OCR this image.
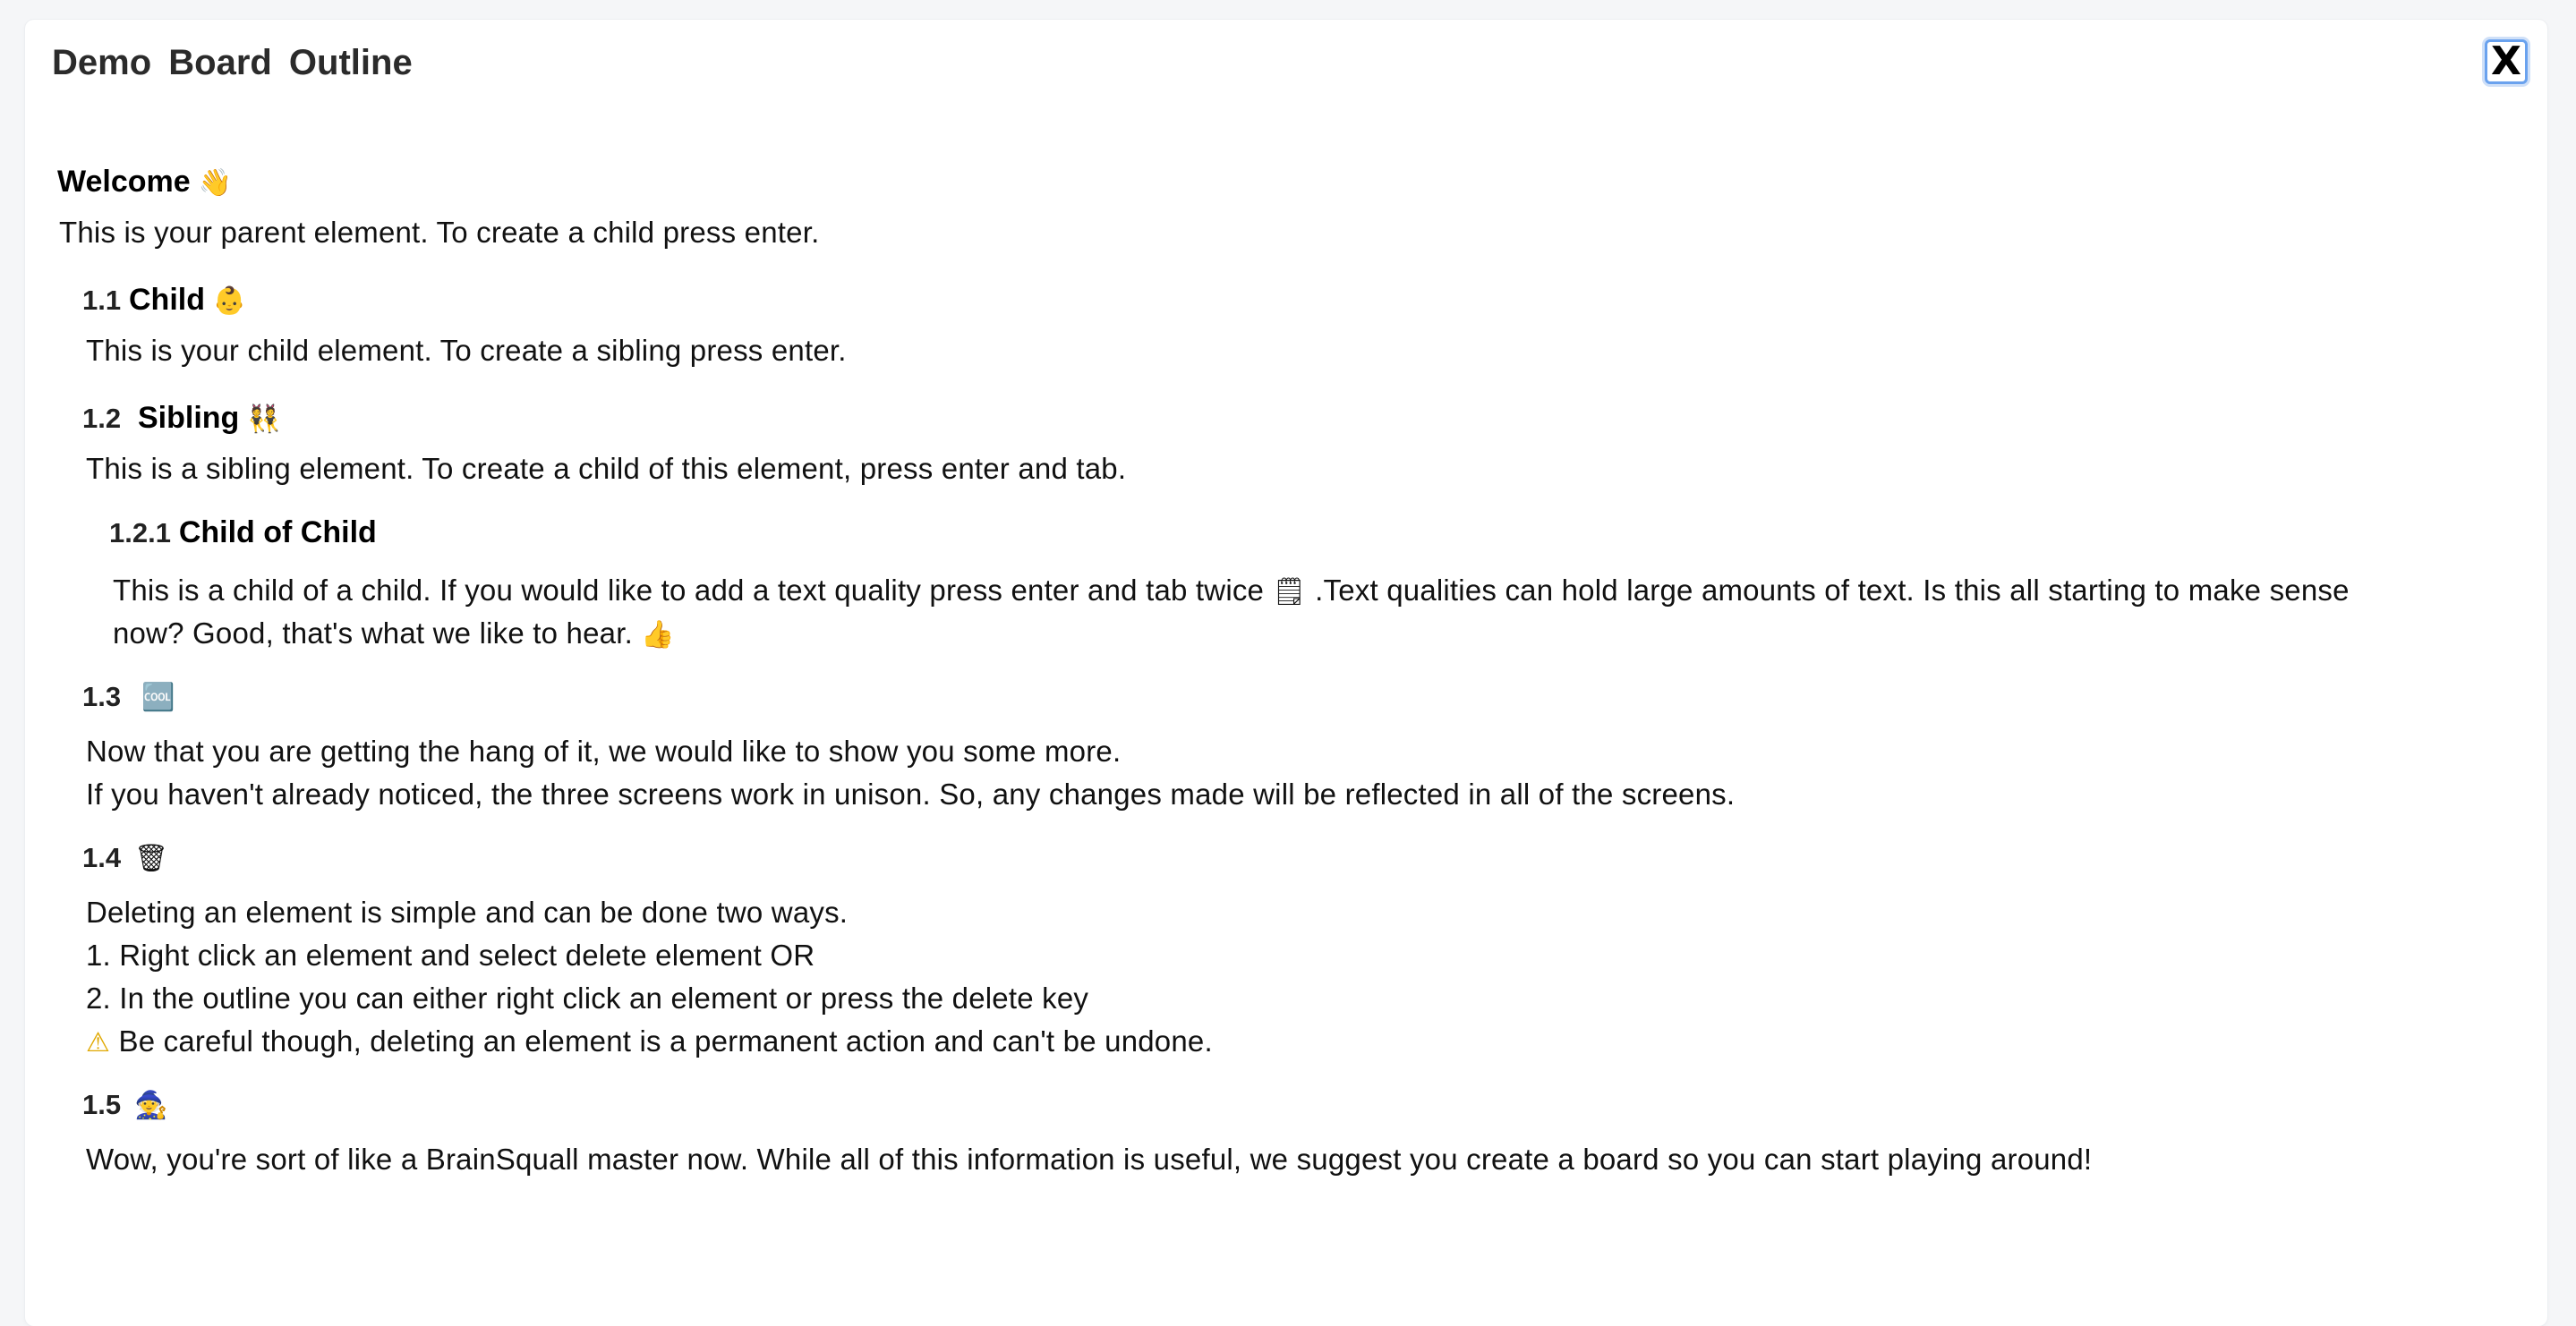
Demo Board Outline	X
Welcome 👋
This is your parent element. To create a child press enter.
1.1 Child 👶
This is your child element. To create a sibling press enter.
1.2 Sibling 👯
This is a sibling element. To create a child of this element, press enter and tab.
1.2.1 Child of Child
This is a child of a child. If you would like to add a text quality press enter and tab twice 🗒 .Text qualities can hold large amounts of text. Is this all starting to make sense
now? Good, that's what we like to hear. 👍
1.3 🆒
Now that you are getting the hang of it, we would like to show you some more.
If you haven't already noticed, the three screens work in unison. So, any changes made will be reflected in all of the screens.
1.4 🗑
Deleting an element is simple and can be done two ways.
1. Right click an element and select delete element OR
2. In the outline you can either right click an element or press the delete key
⚠ Be careful though, deleting an element is a permanent action and can't be undone.
1.5 🧙
Wow, you're sort of like a BrainSquall master now. While all of this information is useful, we suggest you create a board so you can start playing around!
